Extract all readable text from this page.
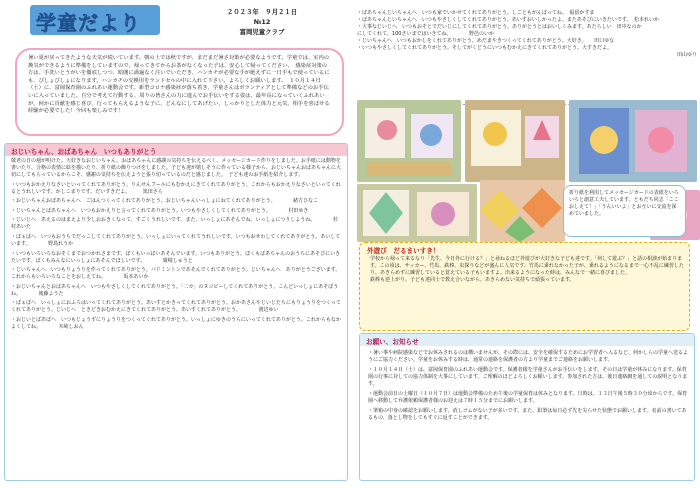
学童だより	２０２３年　９月２１日
№12
富岡児童クラブ
暑い夏が戻ってきたような天気が続いています。朝の上では秋ですが、まだまだ暑さ対策が必要なようです。学童では、室内の換気ができるように準備をしていますので、帰ってきてからお茶がなくなった子は、安心して帰ってください。　感染症対策の方は、手洗いとうがいを徹底しつつ、暗闇に満遍なく注いでいただき、ハンカチが必要な手が絶えずに一日手もで使っているにも、びしょびしょになります。ハンカチの交換用をランドセルの中に入れて下さい。よろしくお願いします。　１０月１４日（土）に、富岡保育園のふれあい運動会です。新型コロナ感染症が落ち着き、学童さんはボランティアとして準備などのお手伝いに入っていました。自分で考えて行動する、周りの皆さんの力に進んでお手伝いをする姿は、最年長になっていくふれあいが、何かに貢献を感じ喜び、行ってもらえるような子に、どんなにしてあげたい、しっかりとした体力と元気、相手を喜ばせる経験が必要でした！今回も楽しみです！
おじいちゃん、おばあちゃん　いつもありがとう

敬老の日の週が明けた。大好きなおじいちゃん、おばあちゃんに感謝の気持ちを伝えるべく、メッセージカード作りをしました。お手紙には動物を書いたり、合格の表情に絵を描いたり、折り紙の飾りつけをしました。子ども達が嬉しそうに作っている様子から、おじいちゃんおばあちゃんに大切にしてもらっているからこそ、感謝の気持ちを伝えようと張り切っているのだと感じました。　子ども達のお手紙を紹介します。

・いつもおかえりなさいといってくれてありがとう。りんせんフールにもむかえにきてくれてありがとう。これからもおかえりなさいといってくれるとうれしいです。かしこまりです。だいすきだよ。　　　篤田さら

・おじいちゃんおばあちゃんへ　ごはんつくってくれてありがとう。おじいちゃんいっしょにねてくれてありがとう。　　　　緒方ひなこ

・じいちゃんとばあちゃんへ　いつもおかえりと言ってくれてありがとう。いつもやさしくしてくれてありがとう。　　　　村田ゆき

・じいじへ　あえるのはまえより少しおおきくなって、すごくうれしいです。また、いっしょにあそんでね。いっしょにつりしようね。　　　　杉村あいた

・ばぁばへ　いつもおうちでだっこしてくれてありがとう。いっしょにいってくれてうれしいです。いつもおせわしてくれてありがとう。あいしています。　　　　野島れうか

・いつもいろいろなおそくまでおつかれさまです。ぼくもいっぱいあそんでいます。いつもありがとう。ぼくもばあちゃんのおうちにあそびにいきたいです。ぼくもみんなにいっしょにあそんでほしいです。　　　　廣崎しゅうと

・じいちゃんへ　いつもりょうりを作ってくれてありがとう。バドミントンであそんでくれてありがとう。じいちゃんへ　ありがとうございます。これからもいろいろなことをおしえてね。　　　　坂本あいか

・おじいちゃんとおばあちゃんへ　いつもやさしくしてくれてありがとう。「二カ」のヌコピーしてくれてありがとう。こんどいっしょにあそぼうね。　　　　後藤ようた

・ばぁばへ　いっしょにおふろはいってくれてありがとう。あいすとかきってくれてありがとう。おかあさんやじいじたちにもりょうりをつくってくれてありがとう。じいじへ　ときどきおむかえにきてくれてありがとう。あいすくれてありがとう。　　　　渡辺ゆい

・おじいとばあばへ　いつもじょうずにりょうりをつくってくれてありがとう。いっしょにゆきのうらにいってくれてありがとう。これからもなかよくしてね。　　　　木崎しおん

・ばあちゃんじいちゃんへ　いつも家でいかせてくれてありがとう。しごともがんばってね。　福留かすま

・ばあちゃんじいちゃんへ　いつもやさしくしてくれてありがとう。あいすおいしかったよ。またあそびにいきたいです。　松本れいか

・大事なじいじへ　いつもおそとでだいじにしてくれてありがとう。ありがとうとはおいしくみます。あたらしい　田中なのか

にしてくれて、100さいまではいきてね。　　　　野邑のいか

・じいちゃんへ　いつもおかしをくれてありがとう。めだまやきつくってくれてありがとう。大好き。　　田口ゆな

・いつもやさしくしてくれてありがとう。そしてがくどうにいつもむかえにきてくれてありがとう。大すきだよ。

田山ゆり

折り紙を利用してメッセージカードの表紙をいろいろと創意工夫しています。ともだち同志「ここおしえて！」「うんいいよ」とお互いに交流を深めていました。
外遊び　だるまいすき！
学校から帰って来るなり「先生、今日外に行ける？」と尋ねるほど外遊びが大好きな子ども達です。「何して遊ぶ？」と話の相談が始まります。この頃は、サッカー、竹馬、鉄棒、虫探りなどが盛んに人気です。竹馬に乗れなかった子が、乗れるようになるまで一心不乱に練習したり、あきらめずに練習していると覚えている子もいますよ。出来るようになった時は、みんなで一緒に喜びました。
鉄棒も逆上がり、子ども達同士で教え合いながら、あきらめない気持ちで頑張っています。
お願い、お知らせ

・暑い事や病院感染などでお休みされるのは構いませんが、その際には、安全を確保するためにお学習者へ入るなど、何かしらの学童へ送るようにご協力ください。学童をお休みする時は、通常の連絡を保護者の方より学童までご連絡をお願いします。

・１０月１４日（土）は、富岡保育園のふれあい運動会です。保護者様を学童さんがお手伝いをします。その日は学童が休みになります。保育園の行事に対しての協力体制を大事にしています。ご理解のほどよろしくお願いします。参加された方は、後日連絡網を通しての説明となります。

・運動会前日の土曜日（１０月７日）は運動会準備のため午後の学童保育は休みとなります。日時は、１３日午後５時３０分頃からです。保育園へ移動して弁護依頼保護者様のお迎えは７時１５分までにお願いします。

・筆箱の中身の確認をお願いします。消しゴムがない子が多いです。また、鉛筆は毎日必ず先を尖らせた状態でお願いします。名前の書いてあるもの、落とし物をしてもすぐに返すことができます。
